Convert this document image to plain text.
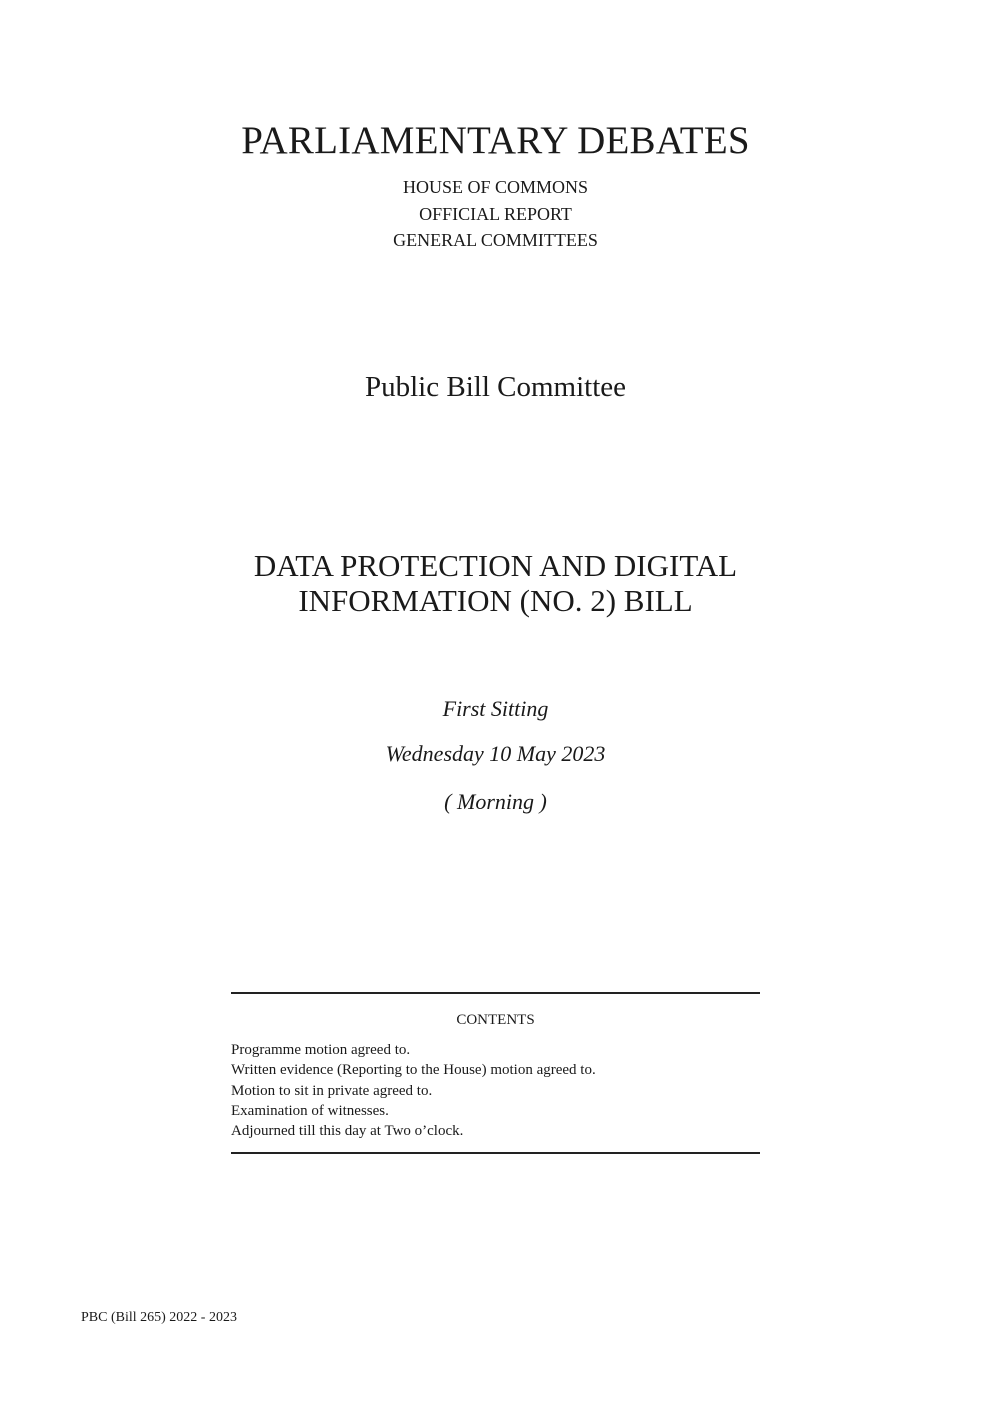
PARLIAMENTARY DEBATES
HOUSE OF COMMONS
OFFICIAL REPORT
GENERAL COMMITTEES
Public Bill Committee
DATA PROTECTION AND DIGITAL
INFORMATION (NO. 2) BILL
First Sitting
Wednesday 10 May 2023
( Morning )
CONTENTS
Programme motion agreed to.
Written evidence (Reporting to the House) motion agreed to.
Motion to sit in private agreed to.
Examination of witnesses.
Adjourned till this day at Two o’clock.
PBC (Bill 265) 2022 - 2023
